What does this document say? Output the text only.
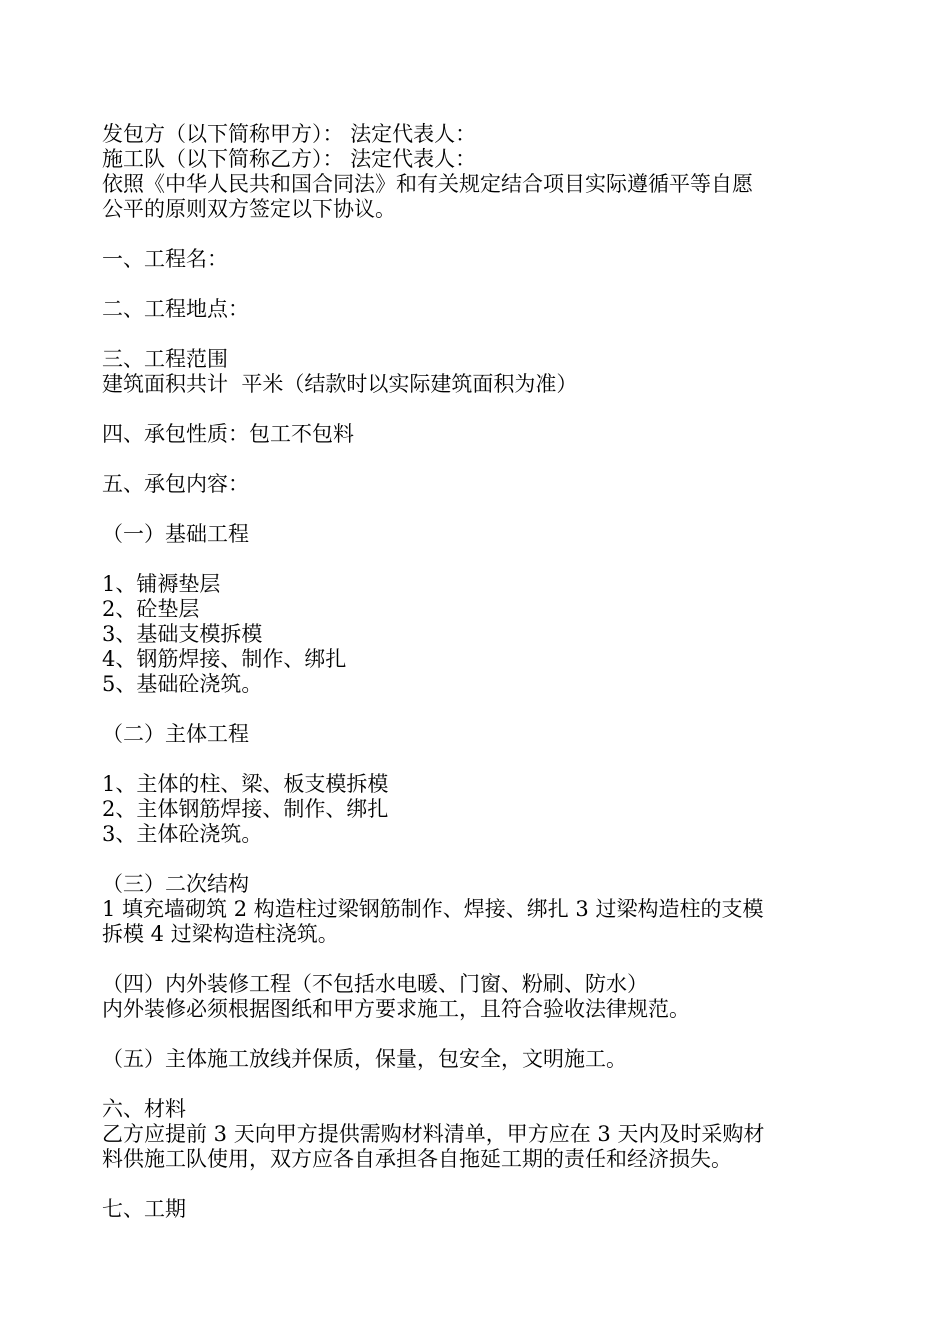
发包方（以下简称甲方）： 法定代表人：

施工队（以下简称乙方）： 法定代表人：

依照《中华人民共和国合同法》和有关规定结合项目实际遵循平等自愿

公平的原则双方签定以下协议。

一、工程名：

二、工程地点：

三、工程范围

建筑面积共计  平米（结款时以实际建筑面积为准）

四、承包性质：包工不包料

五、承包内容：

（一）基础工程

1、铺褥垫层

2、砼垫层

3、基础支模拆模

4、钢筋焊接、制作、绑扎

5、基础砼浇筑。

（二）主体工程

1、主体的柱、梁、板支模拆模

2、主体钢筋焊接、制作、绑扎

3、主体砼浇筑。

（三）二次结构

1 填充墙砌筑 2 构造柱过梁钢筋制作、焊接、绑扎 3 过梁构造柱的支模

拆模 4 过梁构造柱浇筑。

（四）内外装修工程（不包括水电暖、门窗、粉刷、防水）

内外装修必须根据图纸和甲方要求施工，且符合验收法律规范。

（五）主体施工放线并保质，保量，包安全，文明施工。

六、材料

乙方应提前 3 天向甲方提供需购材料清单，甲方应在 3 天内及时采购材

料供施工队使用，双方应各自承担各自拖延工期的责任和经济损失。

七、工期
